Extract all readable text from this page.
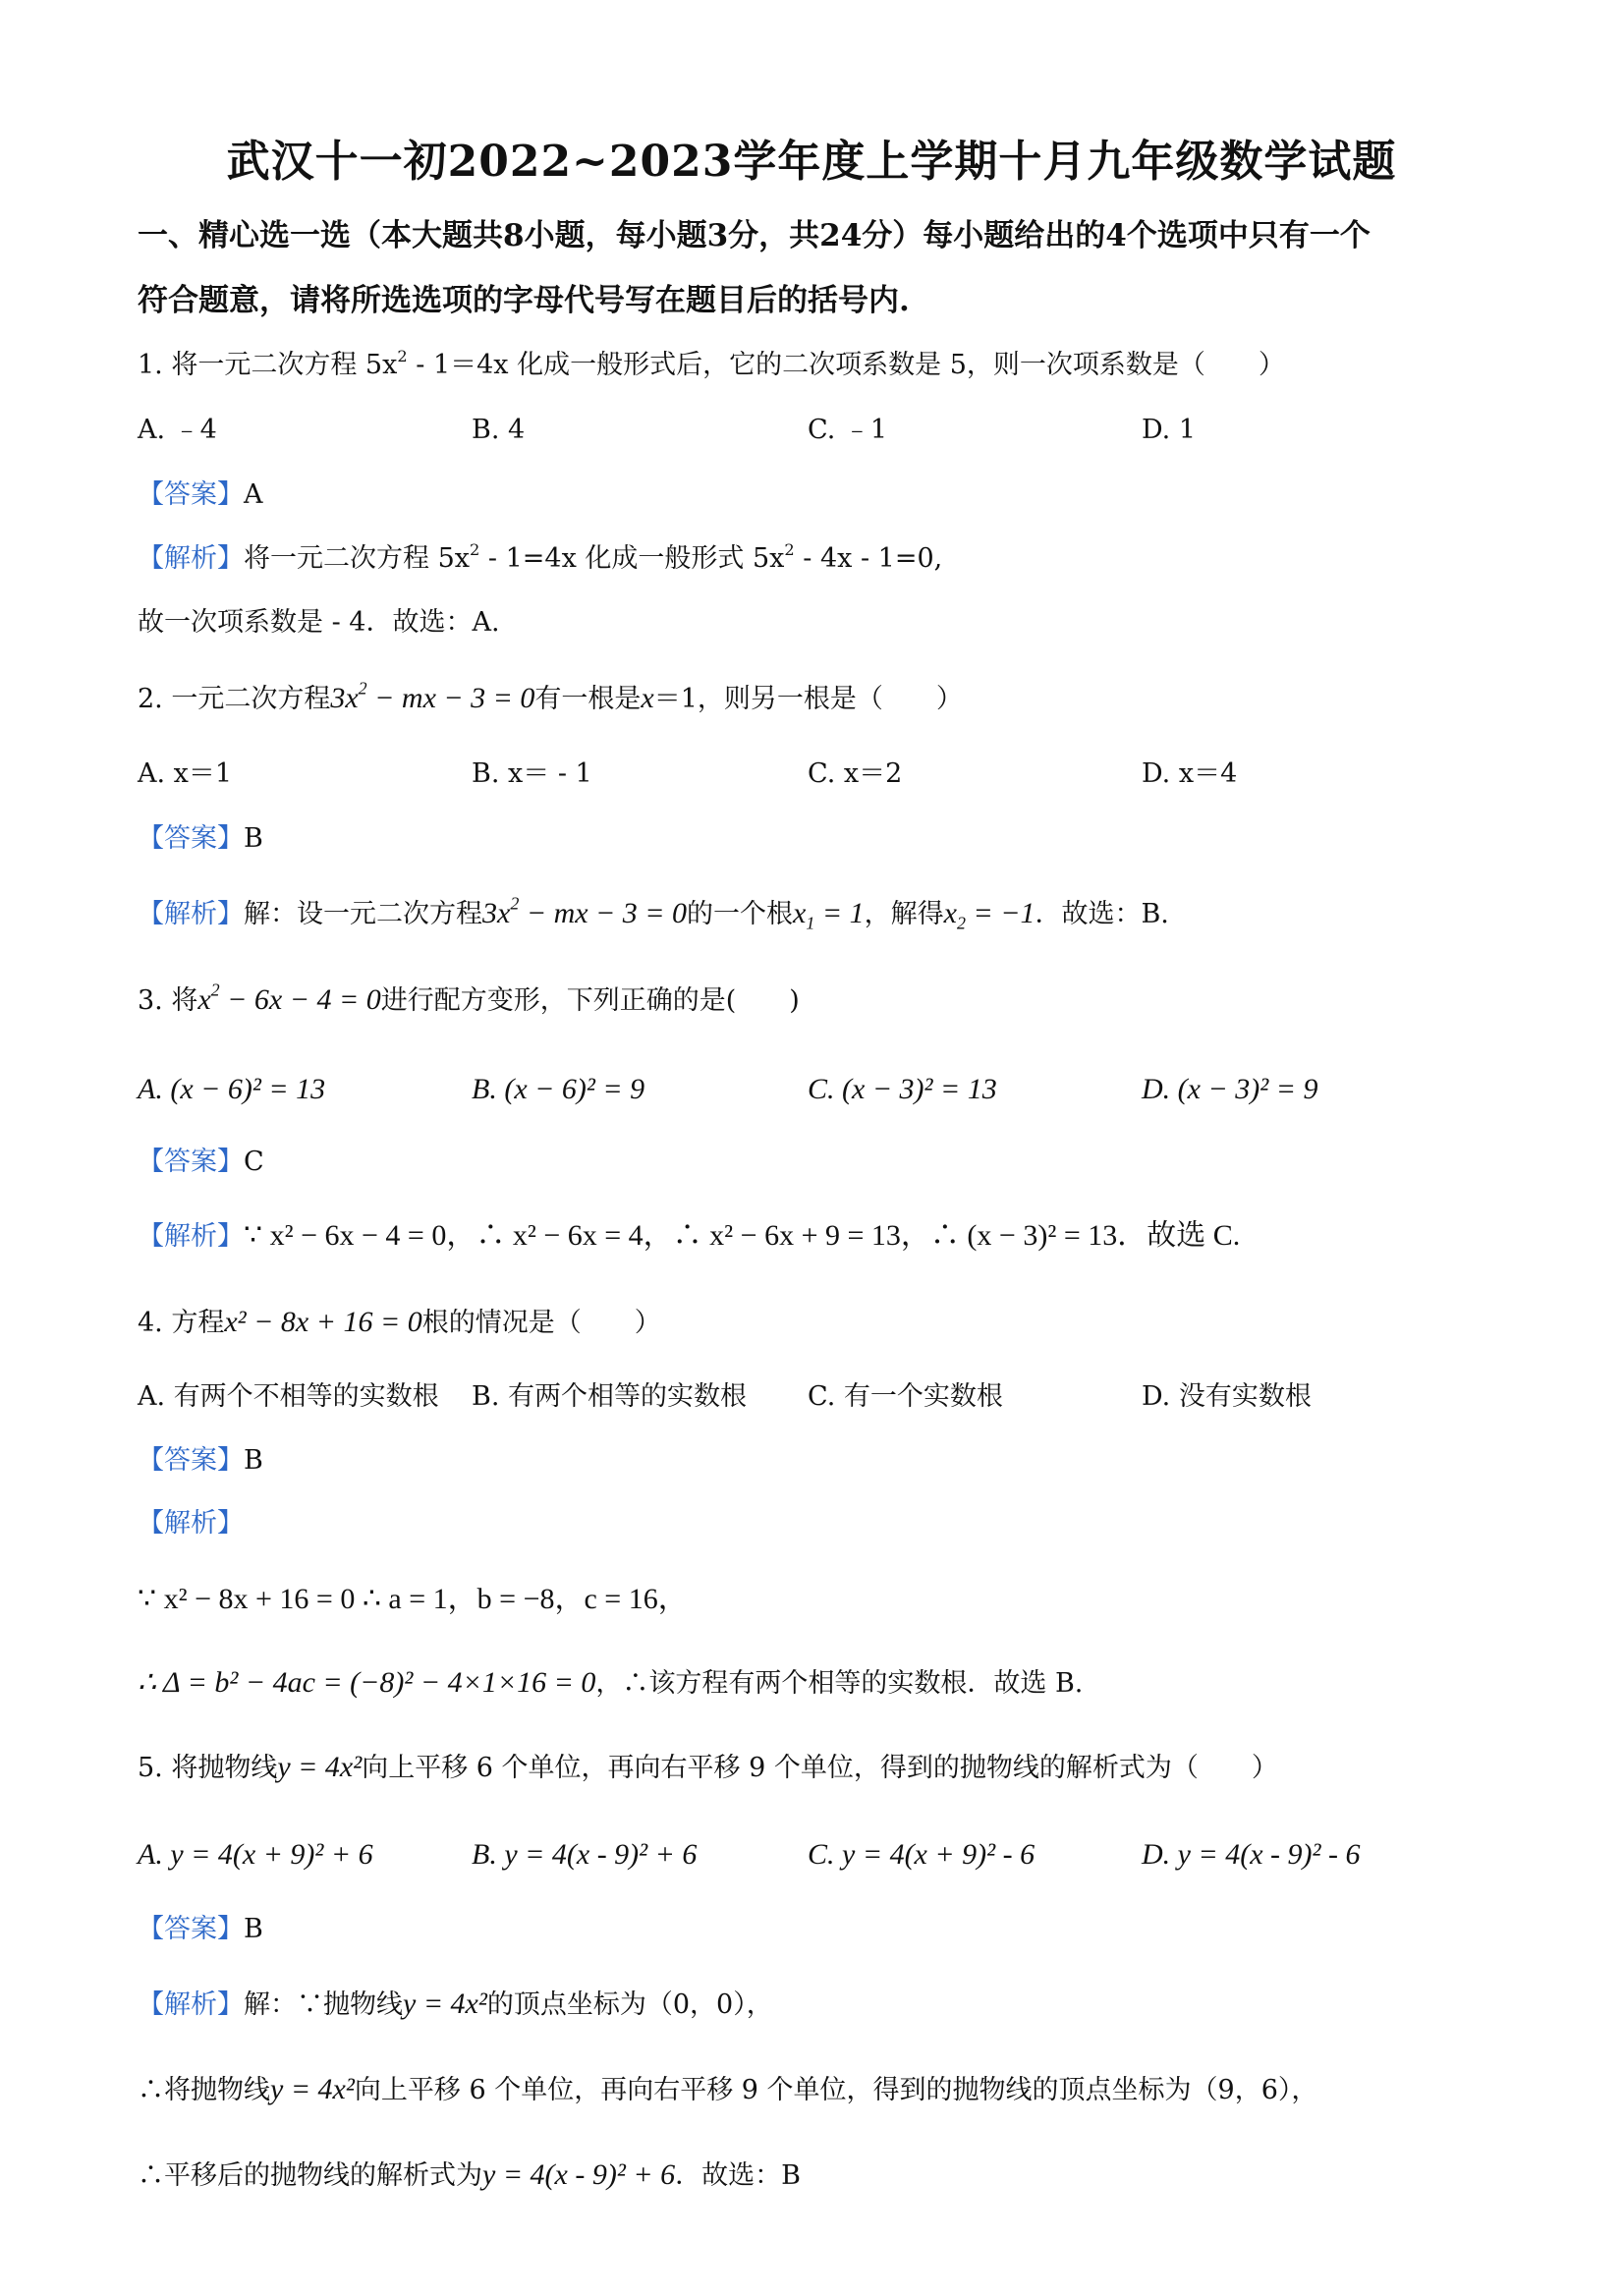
武汉十一初2022~2023学年度上学期十月九年级数学试题
一、精心选一选（本大题共8小题，每小题3分，共24分）每小题给出的4个选项中只有一个
符合题意，请将所选选项的字母代号写在题目后的括号内.
1. 将一元二次方程 $5x^2 - 1=4x$ 化成一般形式后，它的二次项系数是 5，则一次项系数是（　　）
A. ﹣4	B. 4	C. ﹣1	D. 1
【答案】A
【解析】将一元二次方程 $5x^2 - 1=4x$ 化成一般形式 $5x^2 - 4x - 1=0$,
故一次项系数是 - 4．故选：A.
2. 一元二次方程$3x^2$ − mx − 3 = 0有一根是x＝1，则另一根是（　　）
A. x＝1	B. x＝ - 1	C. x＝2	D. x＝4
【答案】B
【解析】解：设一元二次方程$3x^2$ − mx − 3 = 0的一个根$x_1 = 1$，解得$x_2 = -1$．故选：B.
3. 将$x^2 - 6x - 4 = 0$进行配方变形，下列正确的是(　　)
A. (x − 6)² = 13	B. (x − 6)² = 9	C. (x − 3)² = 13	D. (x − 3)² = 9
【答案】C
【解析】∵ x² − 6x − 4 = 0，∴ x² − 6x = 4，∴ x² − 6x + 9 = 13，∴ (x − 3)² = 13．故选 C.
4. 方程x² − 8x + 16 = 0根的情况是（　　）
A. 有两个不相等的实数根 B. 有两个相等的实数根 C. 有一个实数根	D. 没有实数根
【答案】B
【解析】
∵ x² − 8x + 16 = 0 ∴ a = 1，b = −8，c = 16，
∴ Δ = b² − 4ac = (−8)² − 4×1×16 = 0，∴该方程有两个相等的实数根．故选 B.
5. 将抛物线y = 4x²向上平移 6 个单位，再向右平移 9 个单位，得到的抛物线的解析式为（　　）
A. y = 4(x + 9)² + 6	B. y = 4(x - 9)² + 6	C. y = 4(x + 9)² - 6	D. y = 4(x - 9)² - 6
【答案】B
【解析】解：∵抛物线y = 4x²的顶点坐标为（0，0），
∴将抛物线y = 4x²向上平移 6 个单位，再向右平移 9 个单位，得到的抛物线的顶点坐标为（9，6），
∴平移后的抛物线的解析式为y = 4(x - 9)² + 6．故选：B
